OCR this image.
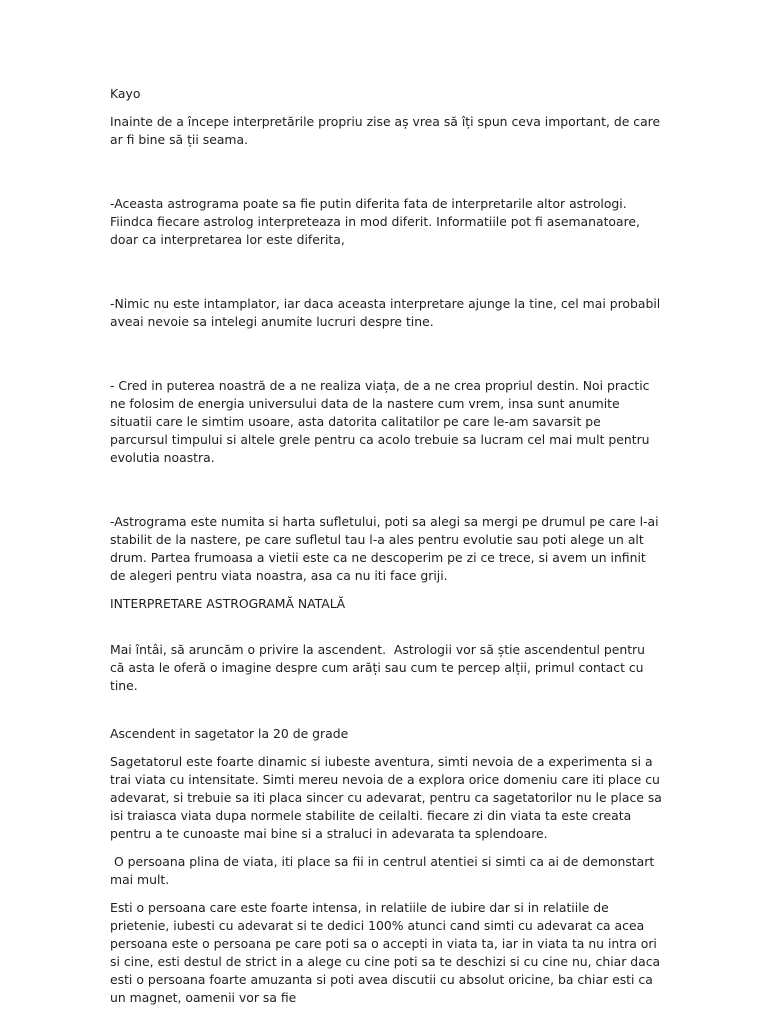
Kayo

Inainte de a începe interpretările propriu zise aș vrea să îți spun ceva important, de care ar fi bine să ții seama.

-Aceasta astrograma poate sa fie putin diferita fata de interpretarile altor astrologi. Fiindca fiecare astrolog interpreteaza in mod diferit. Informatiile pot fi asemanatoare, doar ca interpretarea lor este diferita,

-Nimic nu este intamplator, iar daca aceasta interpretare ajunge la tine, cel mai probabil aveai nevoie sa intelegi anumite lucruri despre tine.

- Cred in puterea noastră de a ne realiza viața, de a ne crea propriul destin. Noi practic ne folosim de energia universului data de la nastere cum vrem, insa sunt anumite situatii care le simtim usoare, asta datorita calitatilor pe care le-am savarsit pe parcursul timpului si altele grele pentru ca acolo trebuie sa lucram cel mai mult pentru evolutia noastra.

-Astrograma este numita si harta sufletului, poti sa alegi sa mergi pe drumul pe care l-ai stabilit de la nastere, pe care sufletul tau l-a ales pentru evolutie sau poti alege un alt drum. Partea frumoasa a vietii este ca ne descoperim pe zi ce trece, si avem un infinit de alegeri pentru viata noastra, asa ca nu iti face griji.

INTERPRETARE ASTROGRAMĂ NATALĂ

Mai întâi, să aruncăm o privire la ascendent.  Astrologii vor să știe ascendentul pentru că asta le oferă o imagine despre cum arăți sau cum te percep alții, primul contact cu tine.

Ascendent in sagetator la 20 de grade

Sagetatorul este foarte dinamic si iubeste aventura, simti nevoia de a experimenta si a trai viata cu intensitate. Simti mereu nevoia de a explora orice domeniu care iti place cu adevarat, si trebuie sa iti placa sincer cu adevarat, pentru ca sagetatorilor nu le place sa isi traiasca viata dupa normele stabilite de ceilalti. fiecare zi din viata ta este creata pentru a te cunoaste mai bine si a straluci in adevarata ta splendoare.

O persoana plina de viata, iti place sa fii in centrul atentiei si simti ca ai de demonstart mai mult.

Esti o persoana care este foarte intensa, in relatiile de iubire dar si in relatiile de prietenie, iubesti cu adevarat si te dedici 100% atunci cand simti cu adevarat ca acea persoana este o persoana pe care poti sa o accepti in viata ta, iar in viata ta nu intra ori si cine, esti destul de strict in a alege cu cine poti sa te deschizi si cu cine nu, chiar daca esti o persoana foarte amuzanta si poti avea discutii cu absolut oricine, ba chiar esti ca un magnet, oamenii vor sa fie
